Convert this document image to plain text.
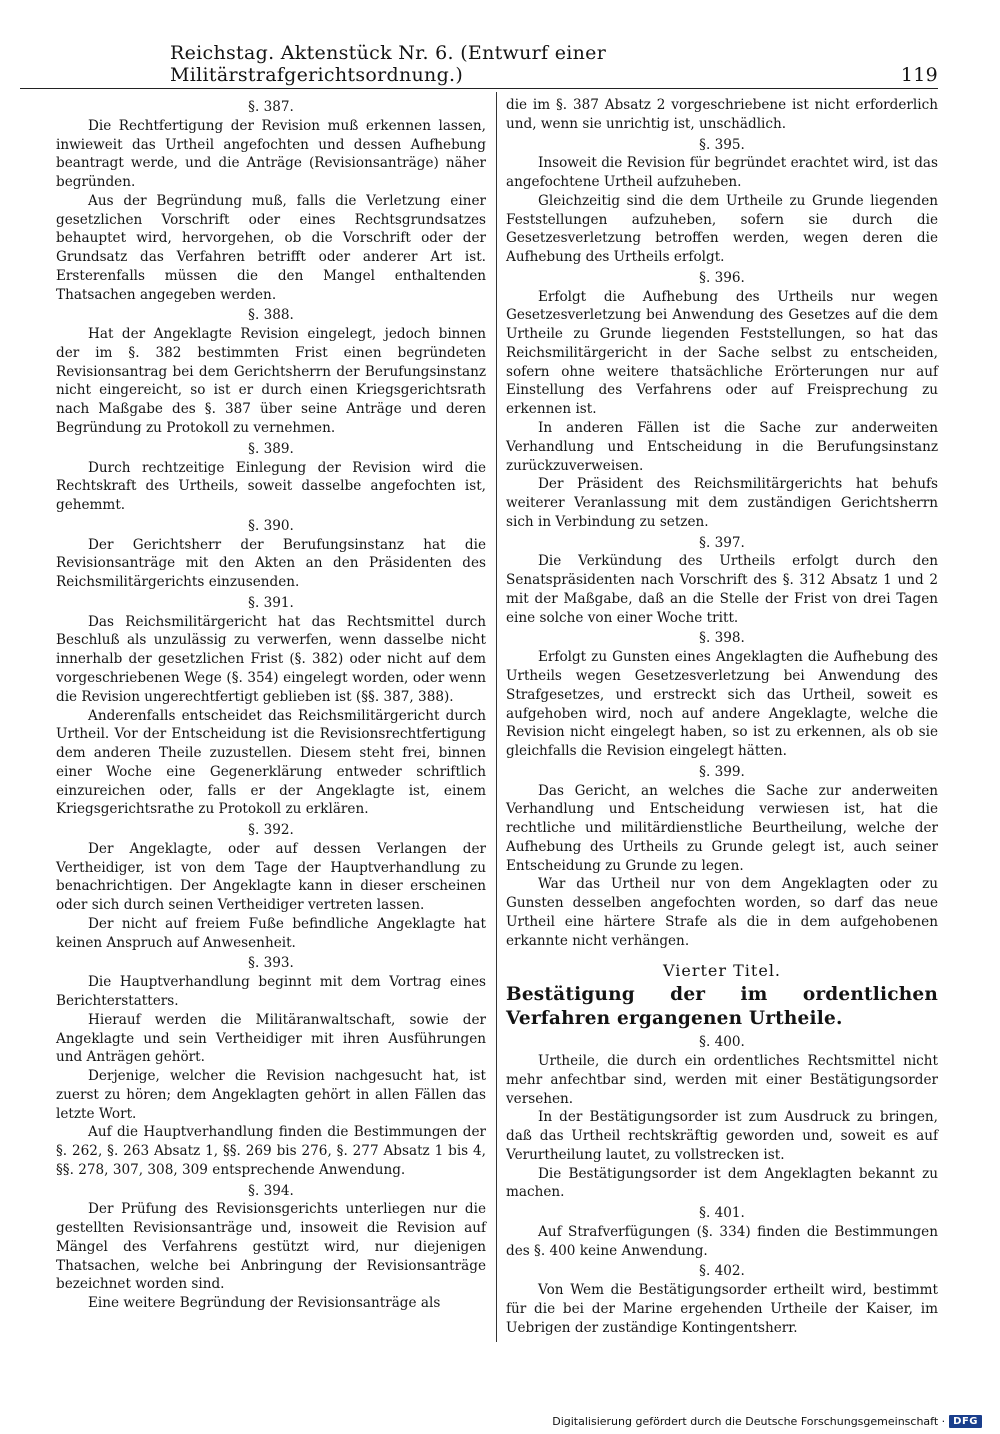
Reichstag. Aktenstück Nr. 6. (Entwurf einer Militärstrafgerichtsordnung.)	119
§. 387.

Die Rechtfertigung der Revision muß erkennen lassen, inwieweit das Urtheil angefochten und dessen Aufhebung beantragt werde, und die Anträge (Revisionsanträge) näher begründen.

Aus der Begründung muß, falls die Verletzung einer gesetzlichen Vorschrift oder eines Rechtsgrundsatzes behauptet wird, hervorgehen, ob die Vorschrift oder der Grundsatz das Verfahren betrifft oder anderer Art ist. Ersterenfalls müssen die den Mangel enthaltenden Thatsachen angegeben werden.

§. 388.

Hat der Angeklagte Revision eingelegt, jedoch binnen der im §. 382 bestimmten Frist einen begründeten Revisionsantrag bei dem Gerichtsherrn der Berufungsinstanz nicht eingereicht, so ist er durch einen Kriegsgerichtsrath nach Maßgabe des §. 387 über seine Anträge und deren Begründung zu Protokoll zu vernehmen.

§. 389.

Durch rechtzeitige Einlegung der Revision wird die Rechtskraft des Urtheils, soweit dasselbe angefochten ist, gehemmt.

§. 390.

Der Gerichtsherr der Berufungsinstanz hat die Revisionsanträge mit den Akten an den Präsidenten des Reichsmilitärgerichts einzusenden.

§. 391.

Das Reichsmilitärgericht hat das Rechtsmittel durch Beschluß als unzulässig zu verwerfen, wenn dasselbe nicht innerhalb der gesetzlichen Frist (§. 382) oder nicht auf dem vorgeschriebenen Wege (§. 354) eingelegt worden, oder wenn die Revision ungerechtfertigt geblieben ist (§§. 387, 388).

Anderenfalls entscheidet das Reichsmilitärgericht durch Urtheil. Vor der Entscheidung ist die Revisionsrechtfertigung dem anderen Theile zuzustellen. Diesem steht frei, binnen einer Woche eine Gegenerklärung entweder schriftlich einzureichen oder, falls er der Angeklagte ist, einem Kriegsgerichtsrathe zu Protokoll zu erklären.

§. 392.

Der Angeklagte, oder auf dessen Verlangen der Vertheidiger, ist von dem Tage der Hauptverhandlung zu benachrichtigen. Der Angeklagte kann in dieser erscheinen oder sich durch seinen Vertheidiger vertreten lassen.

Der nicht auf freiem Fuße befindliche Angeklagte hat keinen Anspruch auf Anwesenheit.

§. 393.

Die Hauptverhandlung beginnt mit dem Vortrag eines Berichterstatters.

Hierauf werden die Militäranwaltschaft, sowie der Angeklagte und sein Vertheidiger mit ihren Ausführungen und Anträgen gehört.

Derjenige, welcher die Revision nachgesucht hat, ist zuerst zu hören; dem Angeklagten gehört in allen Fällen das letzte Wort.

Auf die Hauptverhandlung finden die Bestimmungen der §. 262, §. 263 Absatz 1, §§. 269 bis 276, §. 277 Absatz 1 bis 4, §§. 278, 307, 308, 309 entsprechende Anwendung.

§. 394.

Der Prüfung des Revisionsgerichts unterliegen nur die gestellten Revisionsanträge und, insoweit die Revision auf Mängel des Verfahrens gestützt wird, nur diejenigen Thatsachen, welche bei Anbringung der Revisionsanträge bezeichnet worden sind.

Eine weitere Begründung der Revisionsanträge als

die im §. 387 Absatz 2 vorgeschriebene ist nicht erforderlich und, wenn sie unrichtig ist, unschädlich.

§. 395.

Insoweit die Revision für begründet erachtet wird, ist das angefochtene Urtheil aufzuheben.

Gleichzeitig sind die dem Urtheile zu Grunde liegenden Feststellungen aufzuheben, sofern sie durch die Gesetzesverletzung betroffen werden, wegen deren die Aufhebung des Urtheils erfolgt.

§. 396.

Erfolgt die Aufhebung des Urtheils nur wegen Gesetzesverletzung bei Anwendung des Gesetzes auf die dem Urtheile zu Grunde liegenden Feststellungen, so hat das Reichsmilitärgericht in der Sache selbst zu entscheiden, sofern ohne weitere thatsächliche Erörterungen nur auf Einstellung des Verfahrens oder auf Freisprechung zu erkennen ist.

In anderen Fällen ist die Sache zur anderweiten Verhandlung und Entscheidung in die Berufungsinstanz zurückzuverweisen.

Der Präsident des Reichsmilitärgerichts hat behufs weiterer Veranlassung mit dem zuständigen Gerichtsherrn sich in Verbindung zu setzen.

§. 397.

Die Verkündung des Urtheils erfolgt durch den Senatspräsidenten nach Vorschrift des §. 312 Absatz 1 und 2 mit der Maßgabe, daß an die Stelle der Frist von drei Tagen eine solche von einer Woche tritt.

§. 398.

Erfolgt zu Gunsten eines Angeklagten die Aufhebung des Urtheils wegen Gesetzesverletzung bei Anwendung des Strafgesetzes, und erstreckt sich das Urtheil, soweit es aufgehoben wird, noch auf andere Angeklagte, welche die Revision nicht eingelegt haben, so ist zu erkennen, als ob sie gleichfalls die Revision eingelegt hätten.

§. 399.

Das Gericht, an welches die Sache zur anderweiten Verhandlung und Entscheidung verwiesen ist, hat die rechtliche und militärdienstliche Beurtheilung, welche der Aufhebung des Urtheils zu Grunde gelegt ist, auch seiner Entscheidung zu Grunde zu legen.

War das Urtheil nur von dem Angeklagten oder zu Gunsten desselben angefochten worden, so darf das neue Urtheil eine härtere Strafe als die in dem aufgehobenen erkannte nicht verhängen.

Vierter Titel.

Bestätigung der im ordentlichen Verfahren ergangenen Urtheile.

§. 400.

Urtheile, die durch ein ordentliches Rechtsmittel nicht mehr anfechtbar sind, werden mit einer Bestätigungsorder versehen.

In der Bestätigungsorder ist zum Ausdruck zu bringen, daß das Urtheil rechtskräftig geworden und, soweit es auf Verurtheilung lautet, zu vollstrecken ist.

Die Bestätigungsorder ist dem Angeklagten bekannt zu machen.

§. 401.

Auf Strafverfügungen (§. 334) finden die Bestimmungen des §. 400 keine Anwendung.

§. 402.

Von Wem die Bestätigungsorder ertheilt wird, bestimmt für die bei der Marine ergehenden Urtheile der Kaiser, im Uebrigen der zuständige Kontingentsherr.

Digitalisierung gefördert durch die Deutsche Forschungsgemeinschaft · DFG
